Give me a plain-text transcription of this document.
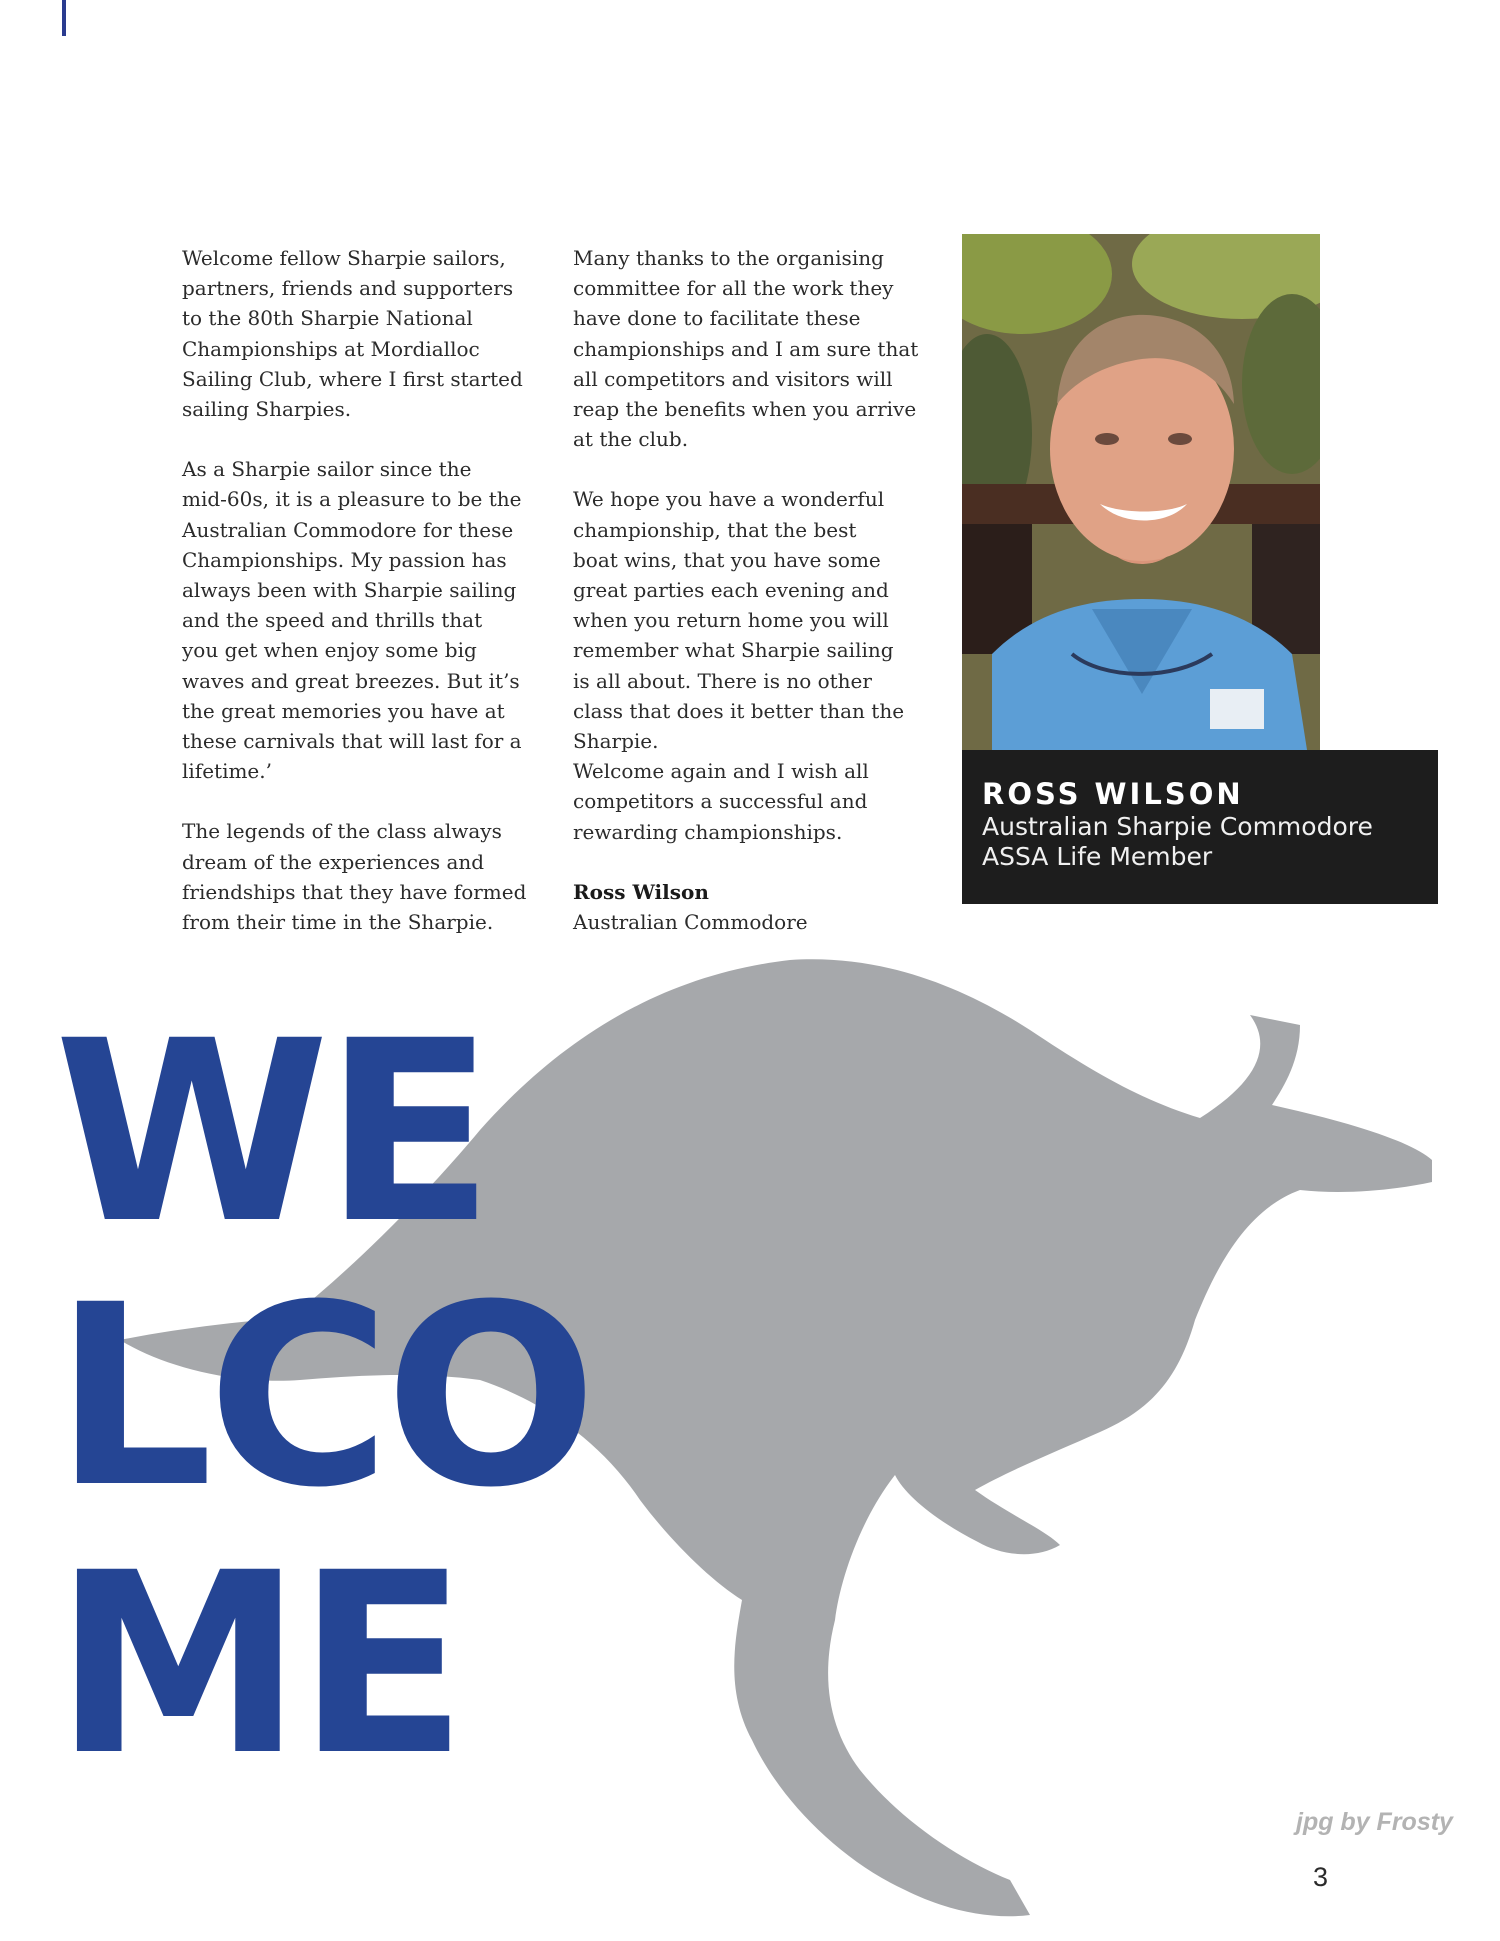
Welcome fellow Sharpie sailors,
partners, friends and supporters
to the 80th Sharpie National
Championships at Mordialloc
Sailing Club, where I first started
sailing Sharpies.

As a Sharpie sailor since the
mid-60s, it is a pleasure to be the
Australian Commodore for these
Championships. My passion has
always been with Sharpie sailing
and the speed and thrills that
you get when enjoy some big
waves and great breezes. But it’s
the great memories you have at
these carnivals that will last for a
lifetime.’

The legends of the class always
dream of the experiences and
friendships that they have formed
from their time in the Sharpie.

Many thanks to the organising
committee for all the work they
have done to facilitate these
championships and I am sure that
all competitors and visitors will
reap the benefits when you arrive
at the club.

We hope you have a wonderful
championship, that the best
boat wins, that you have some
great parties each evening and
when you return home you will
remember what Sharpie sailing
is all about. There is no other
class that does it better than the
Sharpie.

Welcome again and I wish all
competitors a successful and
rewarding championships.

Ross Wilson
Australian Commodore
ROSS WILSON
Australian Sharpie Commodore
ASSA Life Member
WE
LCO
ME
jpg by Frosty
3
